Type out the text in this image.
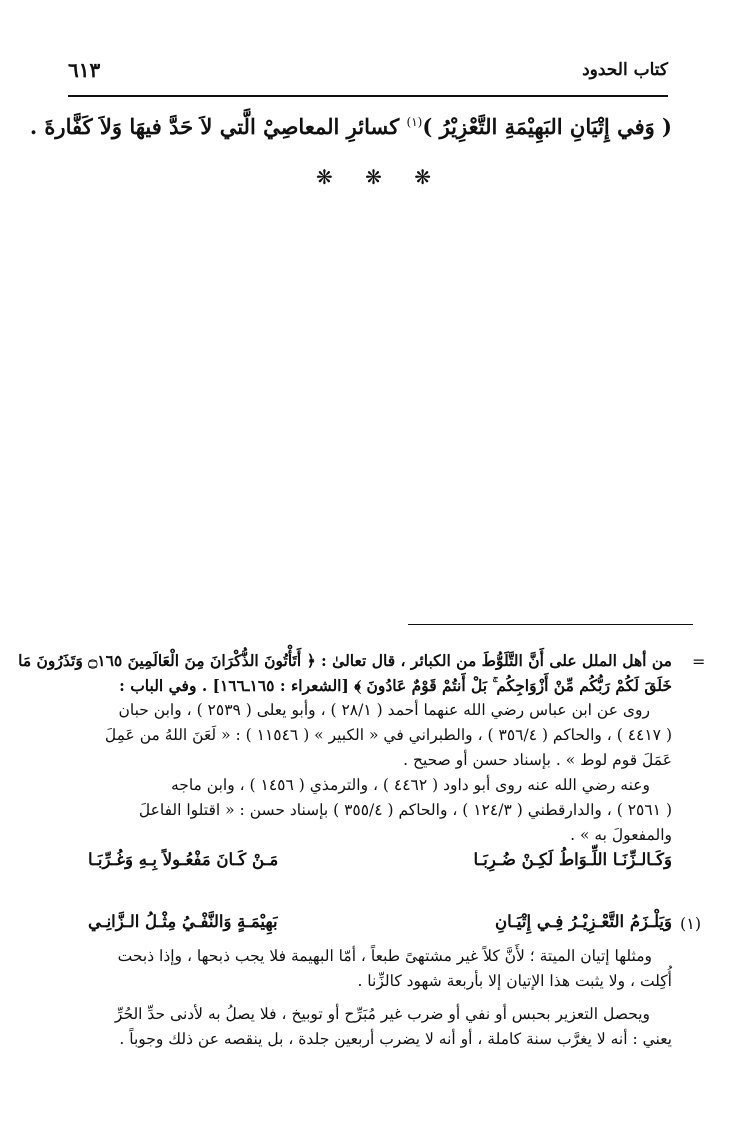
كتاب الحدود
٦١٣
( وَفي إِتْيَانِ البَهِيْمَةِ التَّعْزِيْرُ )$^{(١)}$ كسائرِ المعاصِيْ الَّتي لاَ حَدَّ فيهَا وَلاَ كَفَّارةَ .
❋ ❋ ❋
=
من أهل الملل على أَنَّ التَّلَوُّطَ من الكبائر ، قال تعالىٰ : ﴿ أَتَأْتُونَ الذُّكْرَانَ مِنَ الْعَالَمِينَ ۝١٦٥ وَتَذَرُونَ مَا
خَلَقَ لَكُمْ رَبُّكُم مِّنْ أَزْوَاجِكُم ۚ بَلْ أَنتُمْ قَوْمٌ عَادُونَ ﴾ [الشعراء : ١٦٥ـ١٦٦] . وفي الباب :
روى عن ابن عباس رضي الله عنهما أحمد ( ٢٨/١ ) ، وأبو يعلى ( ٢٥٣٩ ) ، وابن حبان
( ٤٤١٧ ) ، والحاكم ( ٣٥٦/٤ ) ، والطبراني في « الكبير » ( ١١٥٤٦ ) : « لَعَنَ اللهُ من عَمِلَ
عَمَلَ قوم لوط » . بإسناد حسن أو صحيح .
وعنه رضي الله عنه روى أبو داود ( ٤٤٦٢ ) ، والترمذي ( ١٤٥٦ ) ، وابن ماجه
( ٢٥٦١ ) ، والدارقطني ( ١٢٤/٣ ) ، والحاكم ( ٣٥٥/٤ ) بإسناد حسن : « اقتلوا الفاعلَ
والمفعولَ به » .
وَكَـالـزِّنَـا اللِّـوَاطُ لَكِـنْ ضُـرِبَـا
مَـنْ كَـانَ مَفْعُـولاً بِـهِ وَغُـرِّبَـا
(١)
وَيَلْـزَمُ التَّعْـزِيْـرُ فِـي إِتْيَـانِ
بَهِيْمَـةٍ وَالنَّفْـيُ مِثْـلُ الـزَّانِـي
ومثلها إتيان الميتة ؛ لأَنَّ كلاً غير مشتهىً طبعاً ، أمّا البهيمة فلا يجب ذبحها ، وإذا ذبحت
أُكِلت ، ولا يثبت هذا الإتيان إلا بأربعة شهود كالزِّنا .
ويحصل التعزير بحبس أو نفي أو ضرب غير مُبَرِّح أو توبيخ ، فلا يصلُ به لأدنى حدِّ الحُرِّ
يعني : أنه لا يغرَّب سنة كاملة ، أو أنه لا يضرب أربعين جلدة ، بل ينقصه عن ذلك وجوباً .
